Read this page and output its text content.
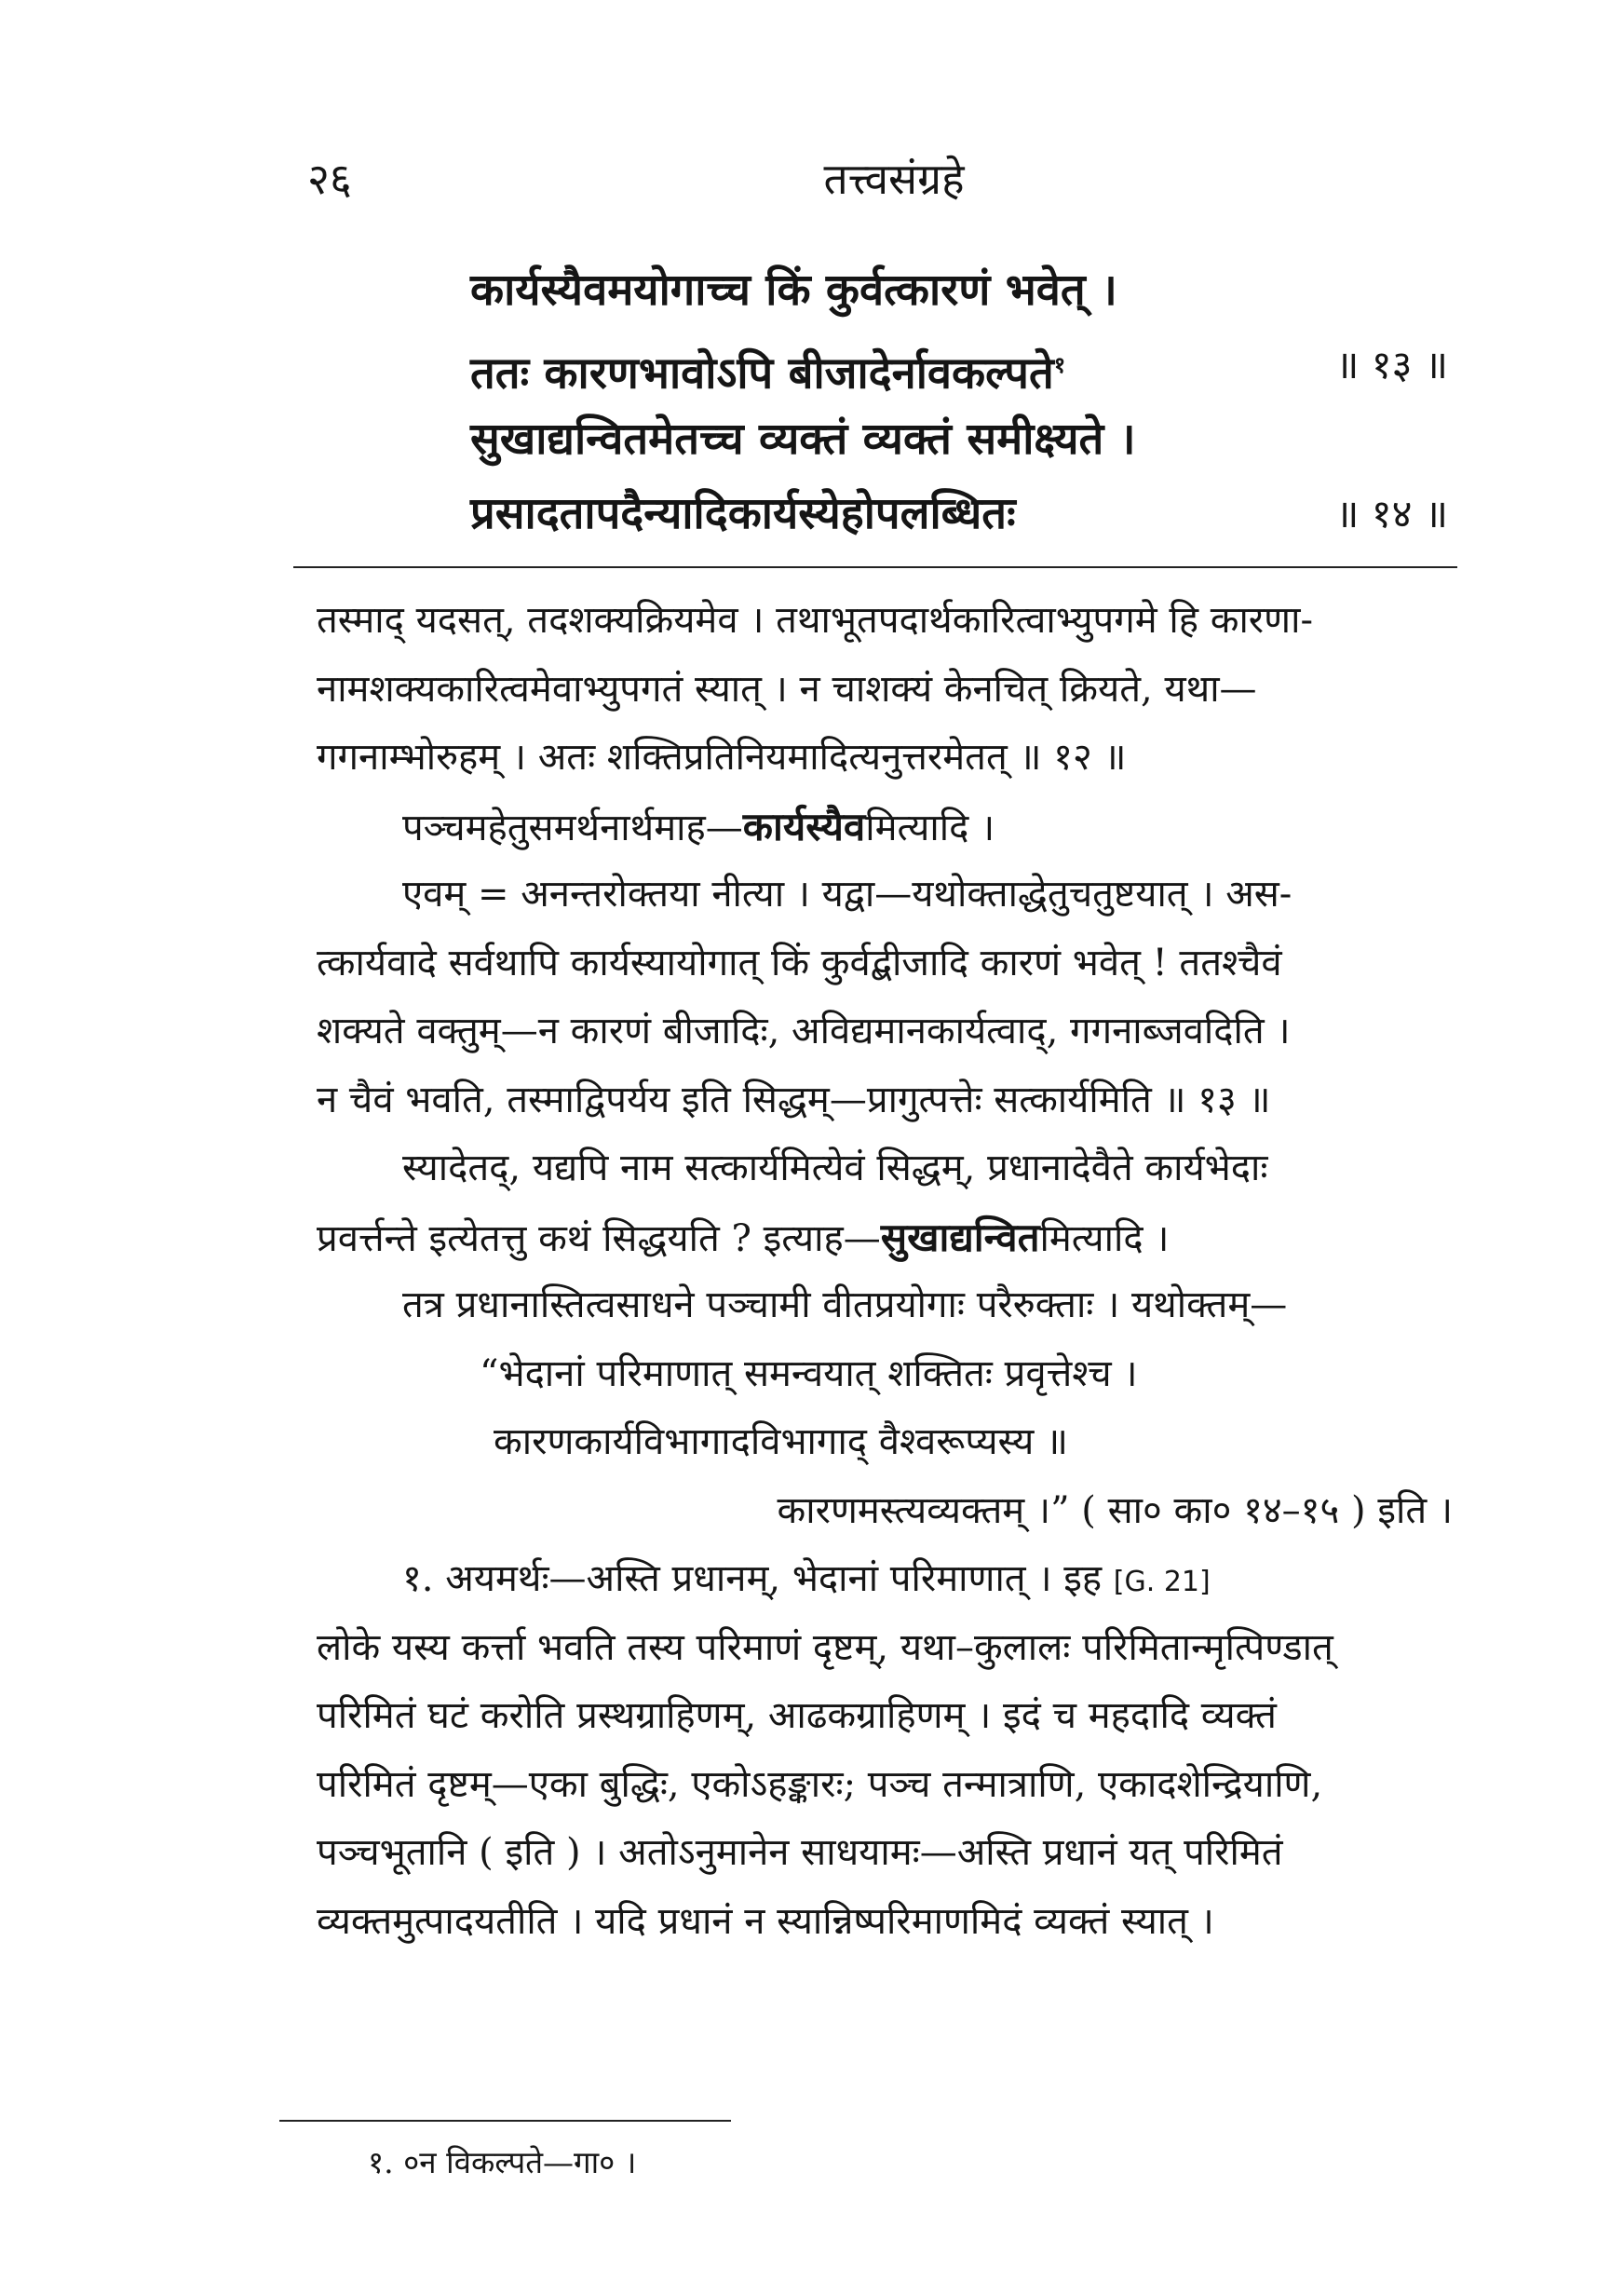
२६	तत्त्वसंग्रहे
कार्यस्यैवमयोगाच्च किं कुर्वत्कारणं भवेत् ।
ततः कारणभावोऽपि बीजादेर्नावकल्पते$^१$	॥ १३ ॥
सुखाद्यन्वितमेतच्च व्यक्तं व्यक्तं समीक्ष्यते ।
प्रसादतापदैन्यादिकार्यस्येहोपलब्धितः	॥ १४ ॥
तस्माद् यदसत्, तदशक्यक्रियमेव । तथाभूतपदार्थकारित्वाभ्युपगमे हि कारणा-
नामशक्यकारित्वमेवाभ्युपगतं स्यात् । न चाशक्यं केनचित् क्रियते, यथा—
गगनाम्भोरुहम् । अतः शक्तिप्रतिनियमादित्यनुत्तरमेतत् ॥ १२ ॥
पञ्चमहेतुसमर्थनार्थमाह—कार्यस्यैवमित्यादि ।
एवम् = अनन्तरोक्तया नीत्या । यद्वा—यथोक्ताद्धेतुचतुष्टयात् । अस-
त्कार्यवादे सर्वथापि कार्यस्यायोगात् किं कुर्वद्बीजादि कारणं भवेत् ! ततश्चैवं
शक्यते वक्तुम्—न कारणं बीजादिः, अविद्यमानकार्यत्वाद्, गगनाब्जवदिति ।
न चैवं भवति, तस्माद्विपर्यय इति सिद्धम्—प्रागुत्पत्तेः सत्कार्यमिति ॥ १३ ॥
स्यादेतद्, यद्यपि नाम सत्कार्यमित्येवं सिद्धम्, प्रधानादेवैते कार्यभेदाः
प्रवर्त्तन्ते इत्येतत्तु कथं सिद्धयति ? इत्याह—सुखाद्यन्वितमित्यादि ।
तत्र प्रधानास्तित्वसाधने पञ्चामी वीतप्रयोगाः परैरुक्ताः । यथोक्तम्—
“भेदानां परिमाणात् समन्वयात् शक्तितः प्रवृत्तेश्च ।
कारणकार्यविभागादविभागाद् वैश्वरूप्यस्य ॥
कारणमस्त्यव्यक्तम् ।” ( सा० का० १४–१५ ) इति ।
१. अयमर्थः—अस्ति प्रधानम्, भेदानां परिमाणात् । इह [G. 21]
लोके यस्य कर्त्ता भवति तस्य परिमाणं दृष्टम्, यथा–कुलालः परिमितान्मृत्पिण्डात्
परिमितं घटं करोति प्रस्थग्राहिणम्, आढकग्राहिणम् । इदं च महदादि व्यक्तं
परिमितं दृष्टम्—एका बुद्धिः, एकोऽहङ्कारः; पञ्च तन्मात्राणि, एकादशेन्द्रियाणि,
पञ्चभूतानि ( इति ) । अतोऽनुमानेन साधयामः—अस्ति प्रधानं यत् परिमितं
व्यक्तमुत्पादयतीति । यदि प्रधानं न स्यान्निष्परिमाणमिदं व्यक्तं स्यात् ।
१. ०न विकल्पते—गा० ।
